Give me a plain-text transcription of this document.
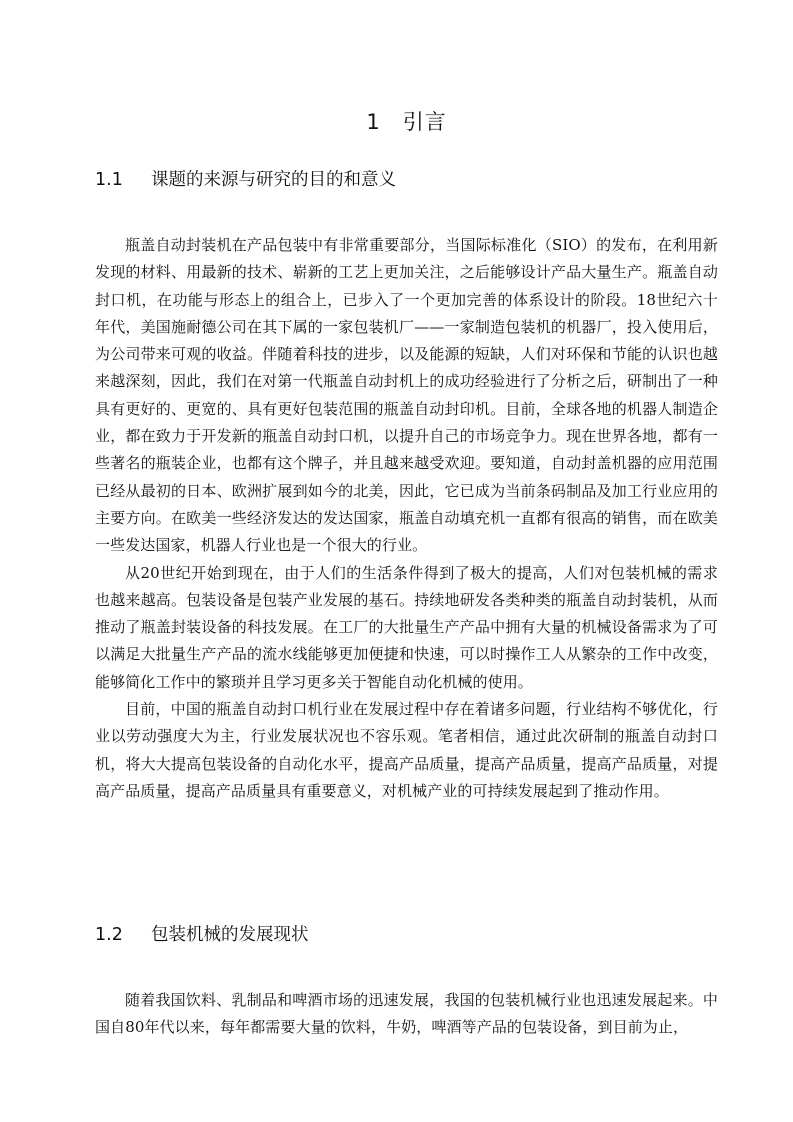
1 引言
1.1 课题的来源与研究的目的和意义

瓶盖自动封装机在产品包装中有非常重要部分，当国际标准化（SIO）的发布，在利用新发现的材料、用最新的技术、崭新的工艺上更加关注，之后能够设计产品大量生产。瓶盖自动封口机，在功能与形态上的组合上，已步入了一个更加完善的体系设计的阶段。18世纪六十年代，美国施耐德公司在其下属的一家包装机厂——一家制造包装机的机器厂，投入使用后，为公司带来可观的收益。伴随着科技的进步，以及能源的短缺，人们对环保和节能的认识也越来越深刻，因此，我们在对第一代瓶盖自动封机上的成功经验进行了分析之后，研制出了一种具有更好的、更宽的、具有更好包装范围的瓶盖自动封印机。目前，全球各地的机器人制造企业，都在致力于开发新的瓶盖自动封口机，以提升自己的市场竞争力。现在世界各地，都有一些著名的瓶装企业，也都有这个牌子，并且越来越受欢迎。要知道，自动封盖机器的应用范围已经从最初的日本、欧洲扩展到如今的北美，因此，它已成为当前条码制品及加工行业应用的主要方向。在欧美一些经济发达的发达国家，瓶盖自动填充机一直都有很高的销售，而在欧美一些发达国家，机器人行业也是一个很大的行业。

从20世纪开始到现在，由于人们的生活条件得到了极大的提高，人们对包装机械的需求也越来越高。包装设备是包装产业发展的基石。持续地研发各类种类的瓶盖自动封装机，从而推动了瓶盖封装设备的科技发展。在工厂的大批量生产产品中拥有大量的机械设备需求为了可以满足大批量生产产品的流水线能够更加便捷和快速，可以时操作工人从繁杂的工作中改变，能够简化工作中的繁琐并且学习更多关于智能自动化机械的使用。

目前，中国的瓶盖自动封口机行业在发展过程中存在着诸多问题，行业结构不够优化，行业以劳动强度大为主，行业发展状况也不容乐观。笔者相信，通过此次研制的瓶盖自动封口机，将大大提高包装设备的自动化水平，提高产品质量，提高产品质量，提高产品质量，对提高产品质量，提高产品质量具有重要意义，对机械产业的可持续发展起到了推动作用。

1.2 包装机械的发展现状

随着我国饮料、乳制品和啤酒市场的迅速发展，我国的包装机械行业也迅速发展起来。中国自80年代以来，每年都需要大量的饮料，牛奶，啤酒等产品的包装设备，到目前为止，
